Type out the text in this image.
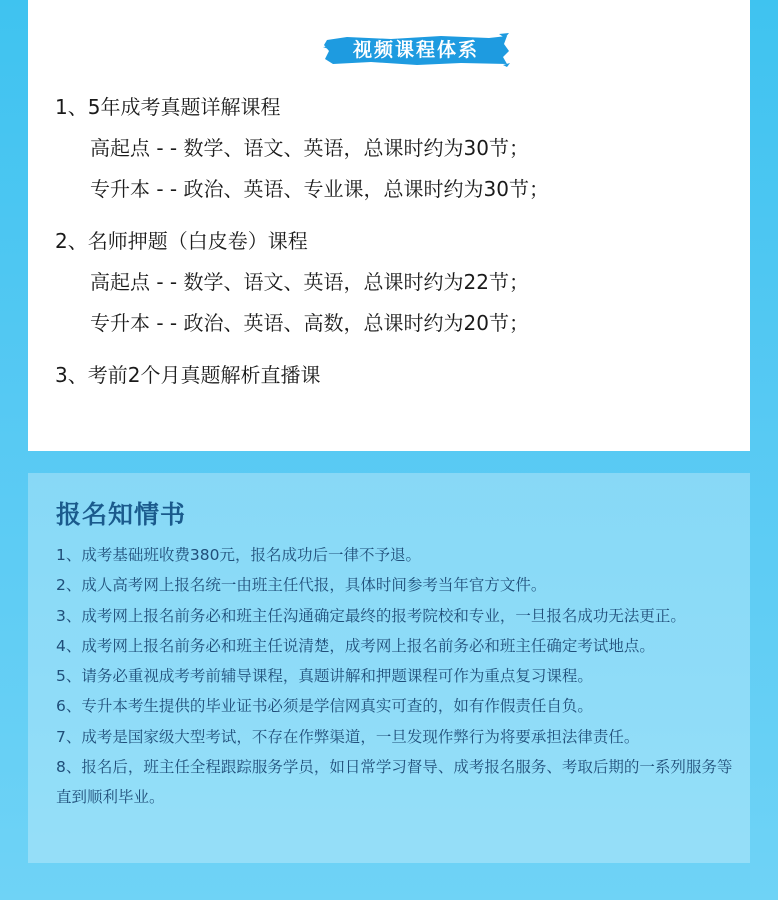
视频课程体系
1、5年成考真题详解课程
高起点 - - 数学、语文、英语，总课时约为30节；
专升本 - - 政治、英语、专业课，总课时约为30节；
2、名师押题（白皮卷）课程
高起点 - - 数学、语文、英语，总课时约为22节；
专升本 - - 政治、英语、高数，总课时约为20节；
3、考前2个月真题解析直播课
报名知情书
1、成考基础班收费380元，报名成功后一律不予退。
2、成人高考网上报名统一由班主任代报，具体时间参考当年官方文件。
3、成考网上报名前务必和班主任沟通确定最终的报考院校和专业，一旦报名成功无法更正。
4、成考网上报名前务必和班主任说清楚，成考网上报名前务必和班主任确定考试地点。
5、请务必重视成考考前辅导课程，真题讲解和押题课程可作为重点复习课程。
6、专升本考生提供的毕业证书必须是学信网真实可查的，如有作假责任自负。
7、成考是国家级大型考试，不存在作弊渠道，一旦发现作弊行为将要承担法律责任。
8、报名后，班主任全程跟踪服务学员，如日常学习督导、成考报名服务、考取后期的一系列服务等直到顺利毕业。
